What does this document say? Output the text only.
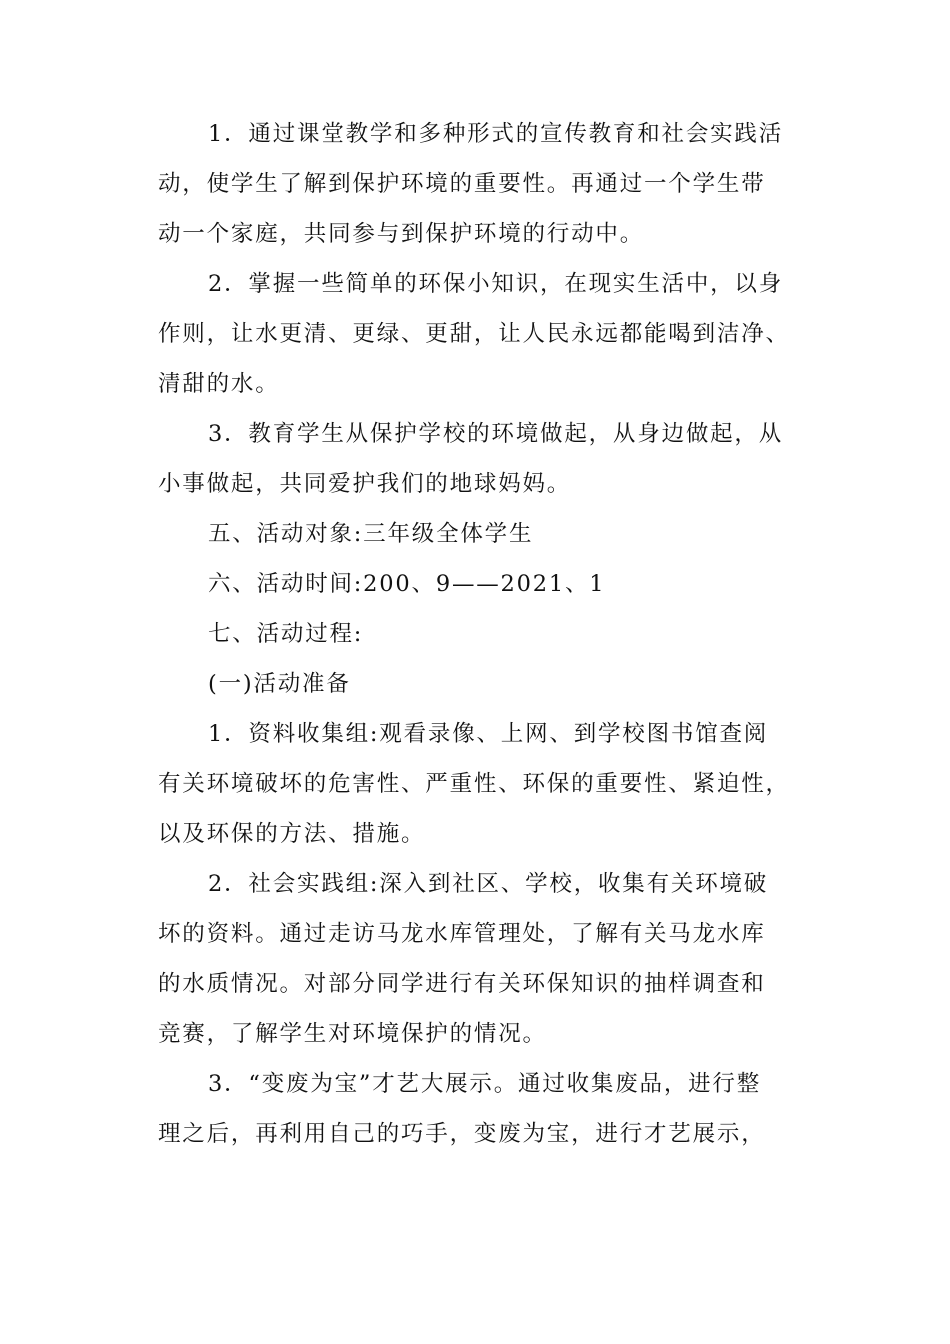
1．通过课堂教学和多种形式的宣传教育和社会实践活
动，使学生了解到保护环境的重要性。再通过一个学生带
动一个家庭，共同参与到保护环境的行动中。
2．掌握一些简单的环保小知识，在现实生活中，以身
作则，让水更清、更绿、更甜，让人民永远都能喝到洁净、
清甜的水。
3．教育学生从保护学校的环境做起，从身边做起，从
小事做起，共同爱护我们的地球妈妈。
五、活动对象:三年级全体学生
六、活动时间:200、9——2021、1
七、活动过程:
(一)活动准备
1．资料收集组:观看录像、上网、到学校图书馆查阅
有关环境破坏的危害性、严重性、环保的重要性、紧迫性，
以及环保的方法、措施。
2．社会实践组:深入到社区、学校，收集有关环境破
坏的资料。通过走访马龙水库管理处，了解有关马龙水库
的水质情况。对部分同学进行有关环保知识的抽样调查和
竞赛，了解学生对环境保护的情况。
3．“变废为宝”才艺大展示。通过收集废品，进行整
理之后，再利用自己的巧手，变废为宝，进行才艺展示，
